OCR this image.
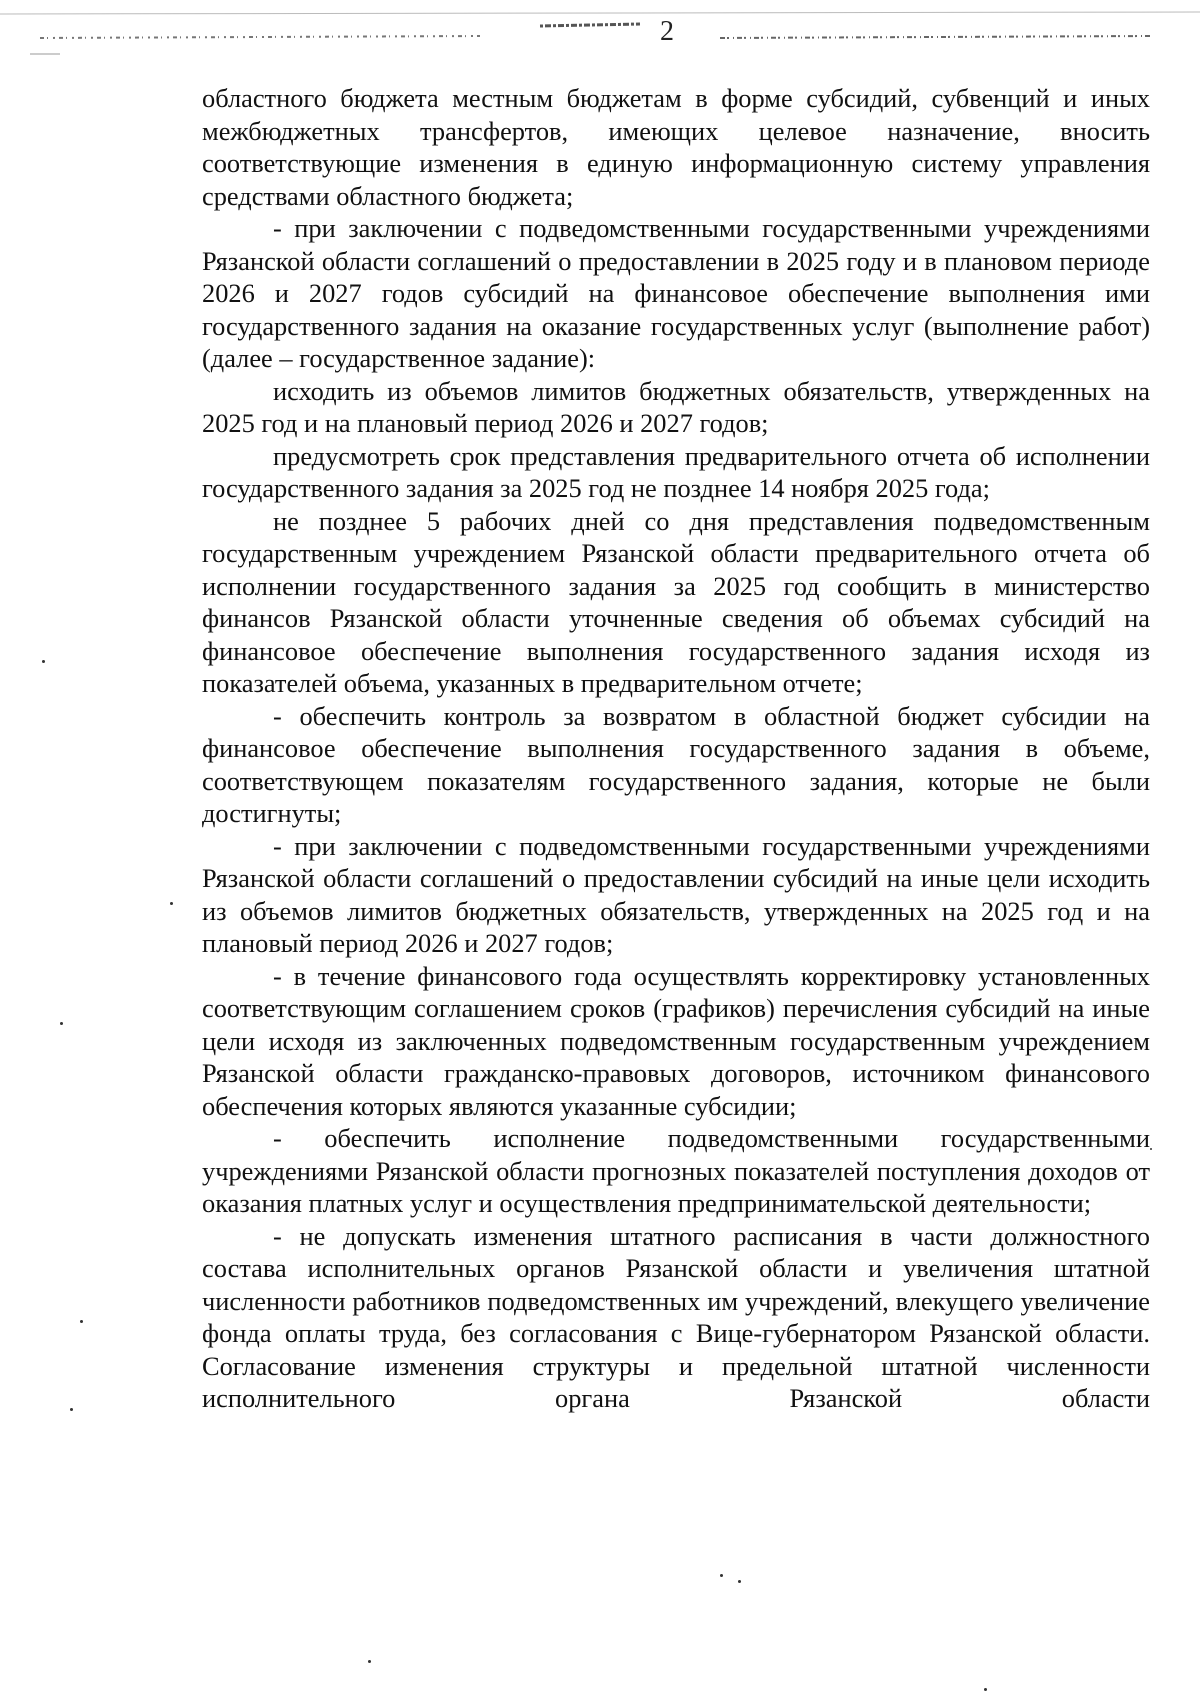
2

областного бюджета местным бюджетам в форме субсидий, субвенций и иных межбюджетных трансфертов, имеющих целевое назначение, вносить соответствующие изменения в единую информационную систему управления средствами областного бюджета;

- при заключении с подведомственными государственными учреждениями Рязанской области соглашений о предоставлении в 2025 году и в плановом периоде 2026 и 2027 годов субсидий на финансовое обеспечение выполнения ими государственного задания на оказание государственных услуг (выполнение работ) (далее – государственное задание):

исходить из объемов лимитов бюджетных обязательств, утвержденных на 2025 год и на плановый период 2026 и 2027 годов;

предусмотреть срок представления предварительного отчета об исполнении государственного задания за 2025 год не позднее 14 ноября 2025 года;

не позднее 5 рабочих дней со дня представления подведомственным государственным учреждением Рязанской области предварительного отчета об исполнении государственного задания за 2025 год сообщить в министерство финансов Рязанской области уточненные сведения об объемах субсидий на финансовое обеспечение выполнения государственного задания исходя из показателей объема, указанных в предварительном отчете;

- обеспечить контроль за возвратом в областной бюджет субсидии на финансовое обеспечение выполнения государственного задания в объеме, соответствующем показателям государственного задания, которые не были достигнуты;

- при заключении с подведомственными государственными учреждениями Рязанской области соглашений о предоставлении субсидий на иные цели исходить из объемов лимитов бюджетных обязательств, утвержденных на 2025 год и на плановый период 2026 и 2027 годов;

- в течение финансового года осуществлять корректировку установленных соответствующим соглашением сроков (графиков) перечисления субсидий на иные цели исходя из заключенных подведомственным государственным учреждением Рязанской области гражданско-правовых договоров, источником финансового обеспечения которых являются указанные субсидии;

- обеспечить исполнение подведомственными государственными учреждениями Рязанской области прогнозных показателей поступления доходов от оказания платных услуг и осуществления предпринимательской деятельности;

- не допускать изменения штатного расписания в части должностного состава исполнительных органов Рязанской области и увеличения штатной численности работников подведомственных им учреждений, влекущего увеличение фонда оплаты труда, без согласования с Вице-губернатором Рязанской области. Согласование изменения структуры и предельной штатной численности исполнительного органа Рязанской области
